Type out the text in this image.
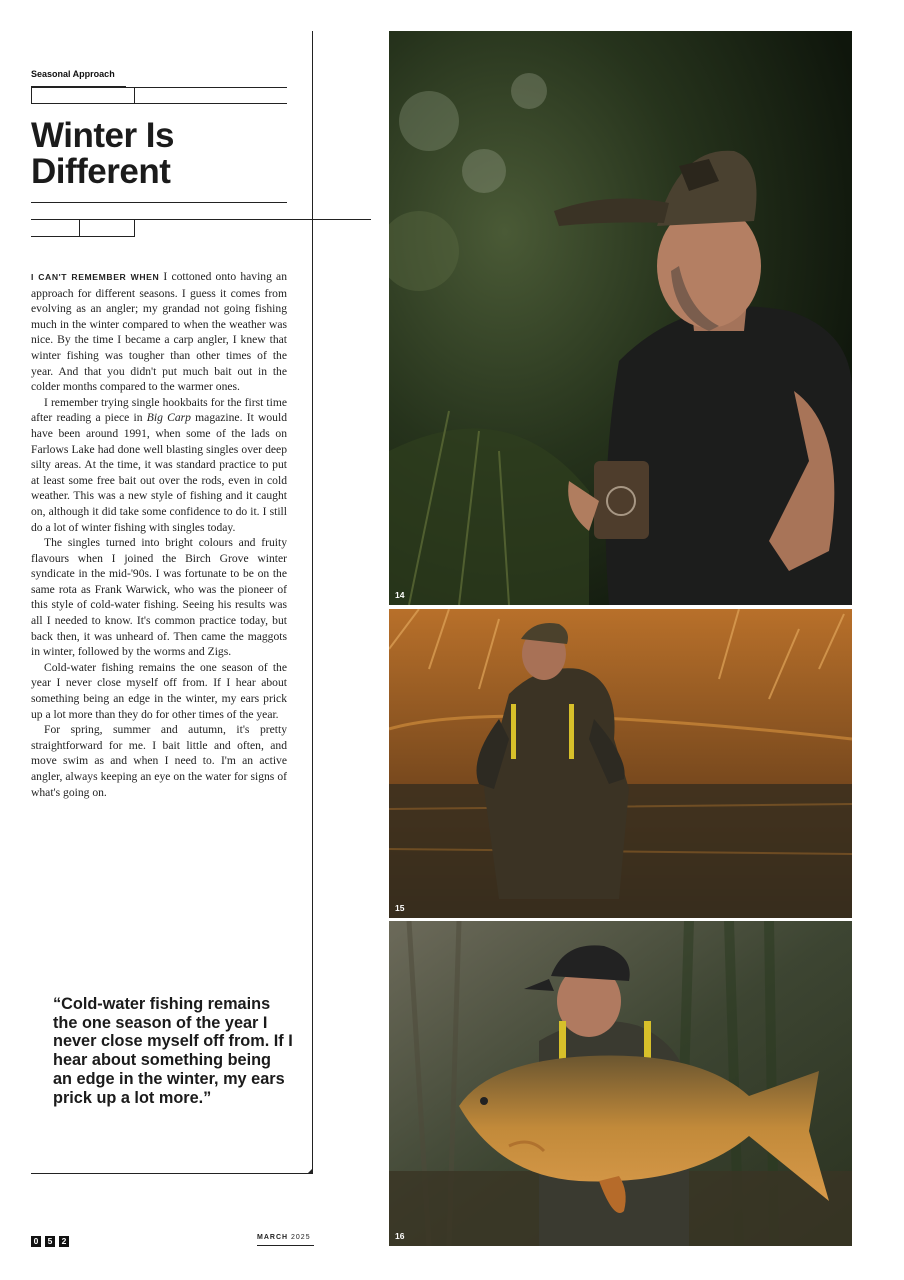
Seasonal Approach
Winter Is
Different

I CAN'T REMEMBER WHEN I cottoned onto having an approach for different seasons. I guess it comes from evolving as an angler; my grandad not going fishing much in the winter compared to when the weather was nice. By the time I became a carp angler, I knew that winter fishing was tougher than other times of the year. And that you didn't put much bait out in the colder months compared to the warmer ones.

I remember trying single hookbaits for the first time after reading a piece in Big Carp magazine. It would have been around 1991, when some of the lads on Farlows Lake had done well blasting singles over deep silty areas. At the time, it was standard practice to put at least some free bait out over the rods, even in cold weather. This was a new style of fishing and it caught on, although it did take some confidence to do it. I still do a lot of winter fishing with singles today.

The singles turned into bright colours and fruity flavours when I joined the Birch Grove winter syndicate in the mid-'90s. I was fortunate to be on the same rota as Frank Warwick, who was the pioneer of this style of cold-water fishing. Seeing his results was all I needed to know. It's common practice today, but back then, it was unheard of. Then came the maggots in winter, followed by the worms and Zigs.

Cold-water fishing remains the one season of the year I never close myself off from. If I hear about something being an edge in the winter, my ears prick up a lot more than they do for other times of the year.

For spring, summer and autumn, it's pretty straightforward for me. I bait little and often, and move swim as and when I need to. I'm an active angler, always keeping an eye on the water for signs of what's going on.

“Cold-water fishing remains the one season of the year I never close myself off from. If I hear about something being an edge in the winter, my ears prick up a lot more.”
14
15
16
0	5	2	MARCH 2025
